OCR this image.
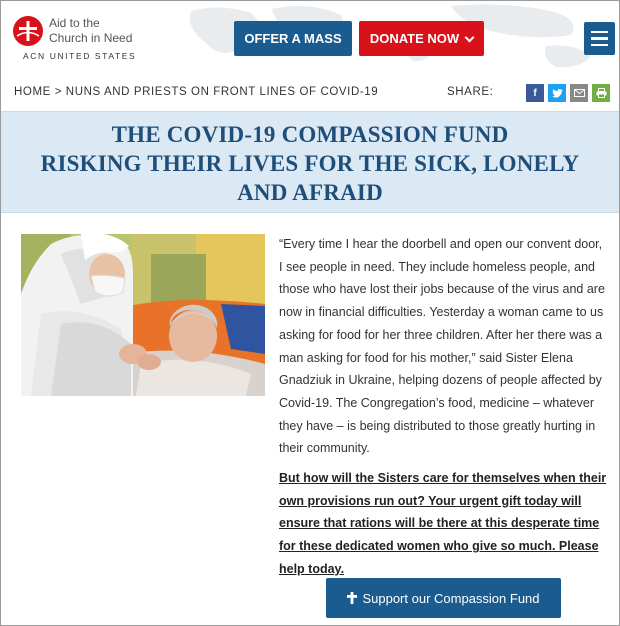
Aid to the
Church in Need
ACN UNITED STATES
OFFER A MASS	DONATE NOW
HOME > NUNS AND PRIESTS ON FRONT LINES OF COVID-19	SHARE:	f
THE COVID-19 COMPASSION FUND
RISKING THEIR LIVES FOR THE SICK, LONELY
AND AFRAID

“Every time I hear the doorbell and open our convent door, I see people in need. They include homeless people, and those who have lost their jobs because of the virus and are now in financial difficulties. Yesterday a woman came to us asking for food for her three children. After her there was a man asking for food for his mother,” said Sister Elena Gnadziuk in Ukraine, helping dozens of people affected by Covid-19. The Congregation’s food, medicine – whatever they have – is being distributed to those greatly hurting in their community.

But how will the Sisters care for themselves when their own provisions run out? Your urgent gift today will ensure that rations will be there at this desperate time for these dedicated women who give so much. Please help today.

Support our Compassion Fund
